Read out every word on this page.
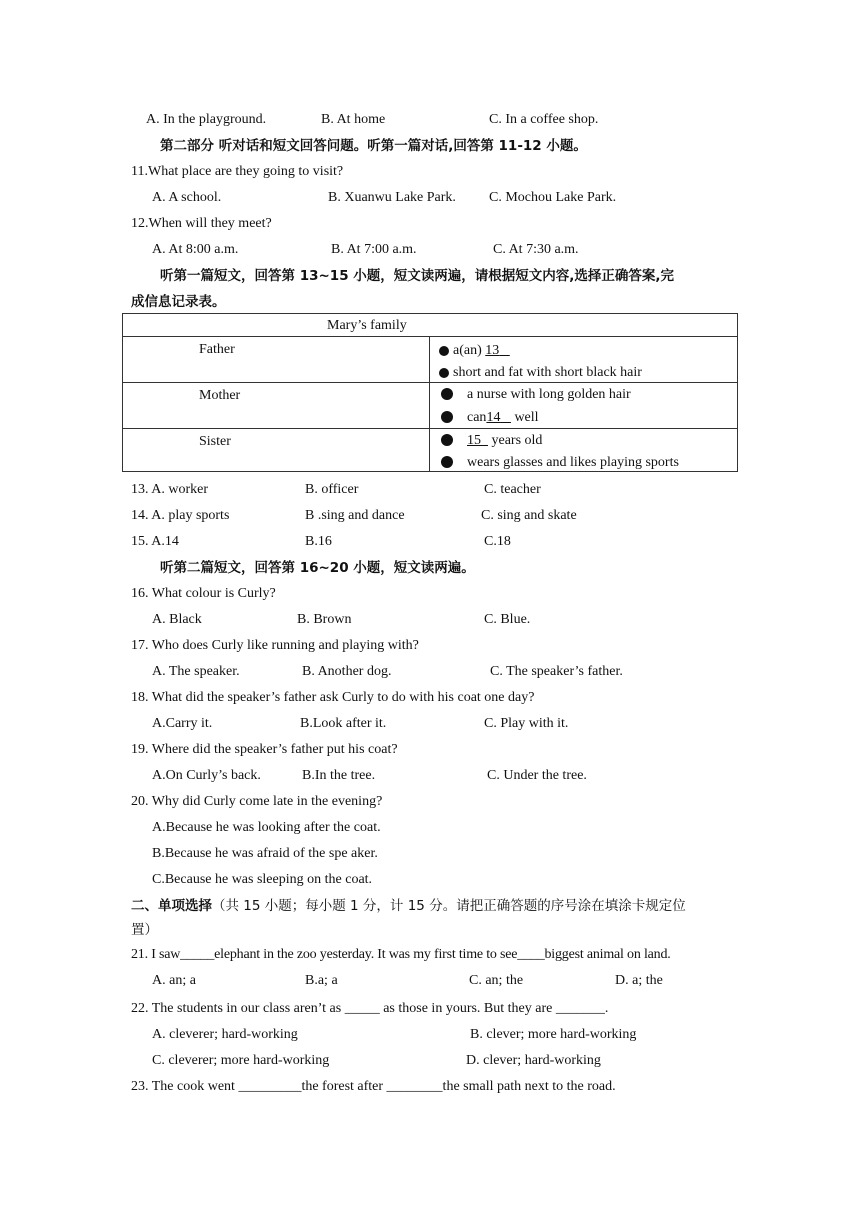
A. In the playground.	B. At home	C. In a coffee shop.
第二部分 听对话和短文回答问题。听第一篇对话,回答第 11-12 小题。
11.What place are they going to visit?
A. A school.	B. Xuanwu Lake Park. C. Mochou Lake Park.
12.When will they meet?
A. At 8:00 a.m.	B. At 7:00 a.m.	C. At 7:30 a.m.
听第一篇短文，回答第 13~15 小题，短文读两遍，请根据短文内容,选择正确答案,完
成信息记录表。
Mary’s family
Father	a(an) 13
short and fat with short black hair
Mother	a nurse with long golden hair
can14    well
Sister	15   years old
wears glasses and likes playing sports
13. A. worker	B. officer	C. teacher
14. A. play sports	B .sing and dance	C. sing and skate
15. A.14	B.16	C.18
听第二篇短文，回答第 16~20 小题，短文读两遍。
16. What colour is Curly?
A. Black	B. Brown	C. Blue.
17. Who does Curly like running and playing with?
A. The speaker.	B. Another dog.	C. The speaker’s father.
18. What did the speaker’s father ask Curly to do with his coat one day?
A.Carry it.	B.Look after it.	C. Play with it.
19. Where did the speaker’s father put his coat?
A.On Curly’s back.	B.In the tree.	C. Under the tree.
20. Why did Curly come late in the evening?
A.Because he was looking after the coat.
B.Because he was afraid of the spe aker.
C.Because he was sleeping on the coat.
二、单项选择（共 15 小题；每小题 1 分，计 15 分。请把正确答题的序号涂在填涂卡规定位
置）
21. I saw_____elephant in the zoo yesterday. It was my first time to see____biggest animal on land.
A. an; a	B.a; a	C. an; the	D. a; the
22. The students in our class aren’t as _____ as those in yours. But they are _______.
A. cleverer; hard-working	B. clever; more hard-working
C. cleverer; more hard-working	D. clever; hard-working
23. The cook went _________the forest after ________the small path next to the road.
